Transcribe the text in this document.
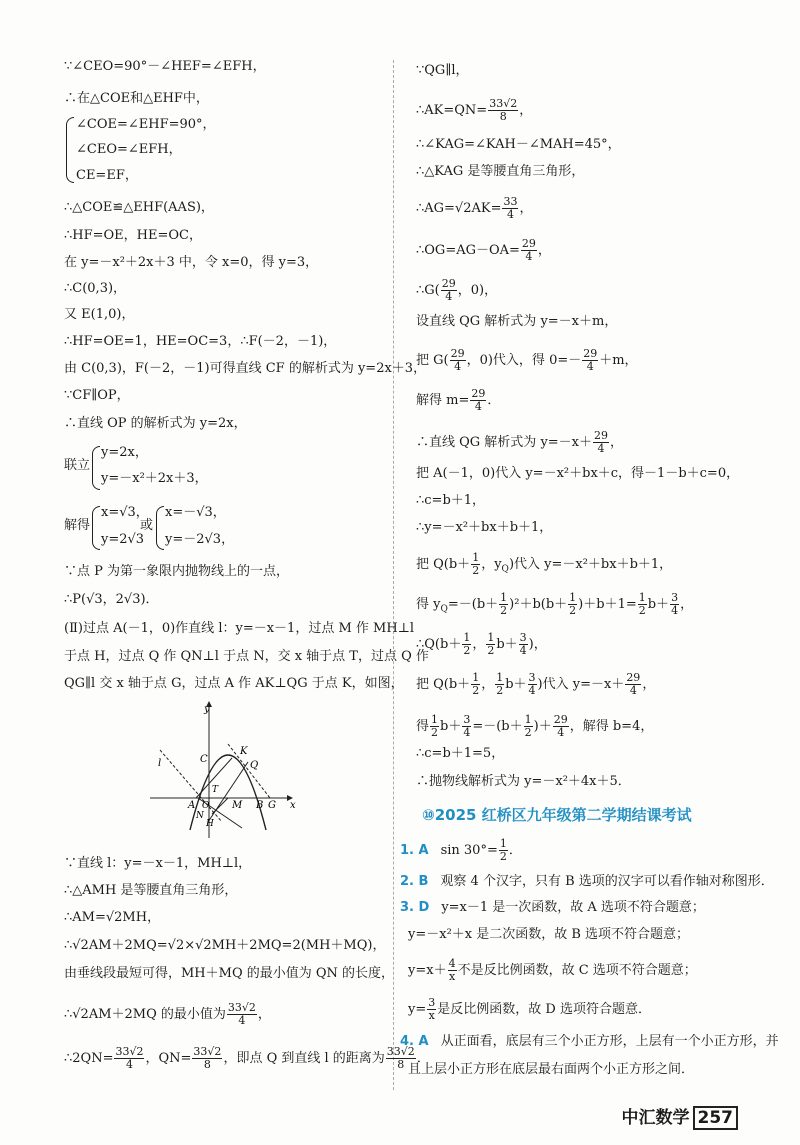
∵∠CEO=90°－∠HEF=∠EFH，
∴在△COE和△EHF中，
∠COE=∠EHF=90°，
∠CEO=∠EFH，
CE=EF，
∴△COE≌△EHF(AAS)，
∴HF=OE，HE=OC，
在 y=－x²＋2x＋3 中，令 x=0，得 y=3，
∴C(0,3)，
又 E(1,0)，
∴HF=OE=1，HE=OC=3，∴F(－2，－1)，
由 C(0,3)，F(－2，－1)可得直线 CF 的解析式为 y=2x＋3，
∵CF∥OP，
∴直线 OP 的解析式为 y=2x，
联立
y=2x，
y=－x²＋2x＋3，
解得
x=√3，
y=2√3
或
x=－√3，
y=－2√3，
∵点 P 为第一象限内抛物线上的一点，
∴P(√3，2√3)．
(Ⅱ)过点 A(－1，0)作直线 l：y=－x－1，过点 M 作 MH⊥l
于点 H，过点 Q 作 QN⊥l 于点 N，交 x 轴于点 T，过点 Q 作
QG∥l 交 x 轴于点 G，过点 A 作 AK⊥QG 于点 K，如图，
∵直线 l：y=－x－1，MH⊥l，
∴△AMH 是等腰直角三角形，
∴AM=√2MH，
∴√2AM＋2MQ=√2×√2MH＋2MQ=2(MH＋MQ)，
由垂线段最短可得，MH＋MQ 的最小值为 QN 的长度，
∴√2AM＋2MQ 的最小值为 $\frac{33√2}{4}$ ，
∴2QN= $\frac{33√2}{4}$ ，$QN= \frac{33√2}{8}$ ，即点 Q 到直线 l 的距离为 $\frac{33√2}{8}$ ．
y
x
C
K
Q
l
T
A O M B G
N
H
∵QG∥l，
∴AK=QN= $\frac{33√2}{8}$ ，
∴∠KAG=∠KAH－∠MAH=45°，
∴△KAG 是等腰直角三角形，
∴AG=√2AK= $\frac{33}{4}$ ，
∴OG=AG－OA= $\frac{29}{4}$ ，
∴G( $\frac{29}{4}$ ，0)，
设直线 QG 解析式为 y=－x＋m，
把 $G( \frac{29}{4}$ ，0)代入，得 $0=- \frac{29}{4} +m$，
解得 $m= \frac{29}{4}$ ．
∴直线 QG 解析式为 $y=-x+ \frac{29}{4}$ ，
把 A(－1，0)代入 y=－x²＋bx＋c，得－1－b＋c=0，
∴c=b＋1，
∴y=－x²＋bx＋b＋1，
把 $Q(b+ \frac{1}{2}$ ，$y_Q$)代入 y=－x²＋bx＋b＋1，
得 $y_Q=-(b+ \frac{1}{2} )^2+b(b+ \frac{1}{2} )+b+1= \frac{1}{2} b+ \frac{3}{4}$ ，
∴Q(b＋ $\frac{1}{2}$ ， $\frac{1}{2} b+ \frac{3}{4}$ )，
把 $Q(b+ \frac{1}{2}$ ， $\frac{1}{2} b+ \frac{3}{4}$ )代入 $y=-x+ \frac{29}{4}$ ，
得 $\frac{1}{2} b+ \frac{3}{4} =-(b+ \frac{1}{2}$ )＋ $\frac{29}{4}$ ，解得 b=4，
∴c=b＋1=5，
∴抛物线解析式为 y=－x²＋4x＋5．
⑩2025 红桥区九年级第二学期结课考试
1. A $\sin 30^\circ= \frac{1}{2}$ ．
2. B 观察 4 个汉字，只有 B 选项的汉字可以看作轴对称图形．
3. D y=x－1 是一次函数，故 A 选项不符合题意；
y=－x²＋x 是二次函数，故 B 选项不符合题意；
$y=x+ \frac{4}{x}$ 不是反比例函数，故 C 选项不符合题意；
$y= \frac{3}{x}$ 是反比例函数，故 D 选项符合题意．
4. A 从正面看，底层有三个小正方形，上层有一个小正方形，并
且上层小正方形在底层最右面两个小正方形之间．
中汇数学 257
